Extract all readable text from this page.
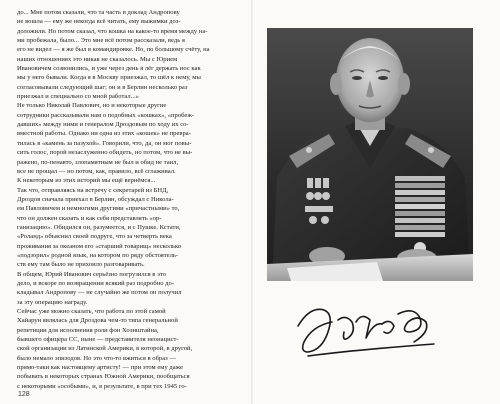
до... Мне потом сказали, что та часть в доклад Андропову
не вошла — ему же некогда всё читать, ему выжимки доз-
доложили. Но потом сказал, что кошка на какое-то время между на-
ми пробежала, было... Это мне всё потом рассказали, ведь я
его не видел — я же был в командировке. Но, по большому счёту, на
наших отношениях это никак не сказалось. Мы с Юрием
Ивановичем созвонились, и уже через день я лёг держать нос как
мы у него бывали. Когда я в Москву приезжал, то шёл к нему, мы
согласовывали следующий шаг; он и в Берлин несколько раз
приезжал и специально со мной работал...»
Не только Николай Павлович, но и некоторые другие
сотрудники рассказывали нам о подобных «кошках», «пробеж-
давших» между ними и генералом Дроздовым по ходу их со-
вместной работы. Однако ни одна из этих «кошек» не превра-
тилась в «камень за пазухой». Говорили, что, да, он мог повы-
сить голос, порой незаслуженно обидеть, но потом, что не вы-
ражено, по-пенавто, злопамятным не был и обид не таил,
все не прощал — но потом, как, правило, всё сглаживал.
К некоторым из этих историй мы ещё вернёмся...
Так что, отправляясь на встречу с секретарей из БНД,
Дроздов сначала приехал в Берлин, обсуждал с Никола-
ем Павловичем и немногими другими «причастными» то,
что он должен сказать и как себя представлять «ор-
ганизацию». Обидился он, разумеется, и с Пушке. Кстати,
«Роланд» объяснил своей подруге, что за четверть века
проживания за океаном его «старший товарищ» несколько
«подзорил» родной язык, на котором по ряду обстоятель-
ств ему там было не прихоило разговаривать.
В общем, Юрий Иванович серьёзно погрузился в это
дело, и вскоре по возвращении всякий раз подробно до-
кладывал Андропову — не случайно же потом он получил
за эту операцию награду.
Сейчас уже можно сказать, что работа по этой самой
Хайарун являлась для Дроздова чем-то типа генеральной
репетиции для исполнения роли фон Хоэнштайна,
бывшего офицера СС, ныне — представителя неонацист-
ской организации из Латинской Америки, в которой, в другой,
было немало эпизодов. Но это что-то вжиться в образ —
прямо-таки как настоящему артисту! — при этом ему даже
побывать в некоторых странах Южной Америки, пообщаться
с некоторыми «особыми», и, в результате, в при тех 1945 го-
128
